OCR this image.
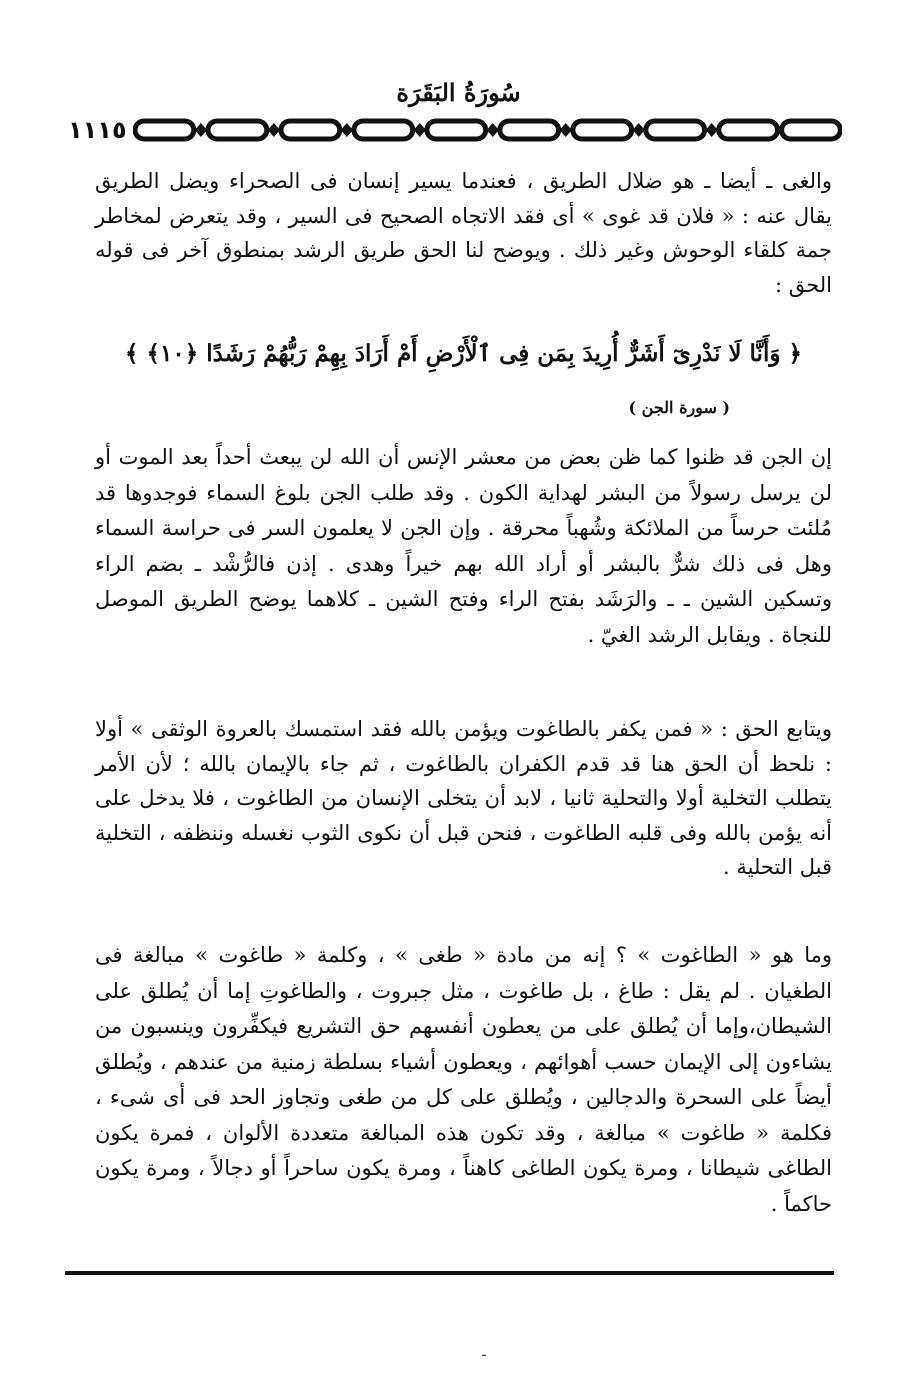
سُورَةُ البَقَرَة
١١١٥
والغى ـ أيضا ـ هو ضلال الطريق ، فعندما يسير إنسان فى الصحراء ويضل الطريق يقال عنه : « فلان قد غوى » أى فقد الاتجاه الصحيح فى السير ، وقد يتعرض لمخاطر جمة كلقاء الوحوش وغير ذلك . ويوضح لنا الحق طريق الرشد بمنطوق آخر فى قوله الحق :
﴿ وَأَنَّا لَا نَدْرِىٓ أَشَرٌّ أُرِيدَ بِمَن فِى ٱلْأَرْضِ أَمْ أَرَادَ بِهِمْ رَبُّهُمْ رَشَدًا ﴿١٠﴾ ﴾
( سورة الجن )
إن الجن قد ظنوا كما ظن بعض من معشر الإنس أن الله لن يبعث أحداً بعد الموت أو لن يرسل رسولاً من البشر لهداية الكون . وقد طلب الجن بلوغ السماء فوجدوها قد مُلئت حرساً من الملائكة وشُهباً محرقة . وإن الجن لا يعلمون السر فى حراسة السماء وهل فى ذلك شرٌّ بالبشر أو أراد الله بهم خيراً وهدى . إذن فالرُّشْد ـ بضم الراء وتسكين الشين ـ ـ والرَشَد بفتح الراء وفتح الشين ـ كلاهما يوضح الطريق الموصل للنجاة . ويقابل الرشد الغيّ .
ويتابع الحق : « فمن يكفر بالطاغوت ويؤمن بالله فقد استمسك بالعروة الوثقى » أولا : نلحظ أن الحق هنا قد قدم الكفران بالطاغوت ، ثم جاء بالإيمان بالله ؛ لأن الأمر يتطلب التخلية أولا والتحلية ثانيا ، لابد أن يتخلى الإنسان من الطاغوت ، فلا يدخل على أنه يؤمن بالله وفى قلبه الطاغوت ، فنحن قبل أن نكوى الثوب نغسله وننظفه ، التخلية قبل التحلية .
وما هو « الطاغوت » ؟ إنه من مادة « طغى » ، وكلمة « طاغوت » مبالغة فى الطغيان . لم يقل : طاغ ، بل طاغوت ، مثل جبروت ، والطاغوتِ إما أن يُطلق على الشيطان،وإما أن يُطلق على من يعطون أنفسهم حق التشريع فيكفِّرون وينسبون من يشاءون إلى الإيمان حسب أهوائهم ، ويعطون أشياء بسلطة زمنية من عندهم ، ويُطلق أيضاً على السحرة والدجالين ، ويُطلق على كل من طغى وتجاوز الحد فى أى شىء ، فكلمة « طاغوت » مبالغة ، وقد تكون هذه المبالغة متعددة الألوان ، فمرة يكون الطاغى شيطانا ، ومرة يكون الطاغى كاهناً ، ومرة يكون ساحراً أو دجالاً ، ومرة يكون حاكماً .
ـ
